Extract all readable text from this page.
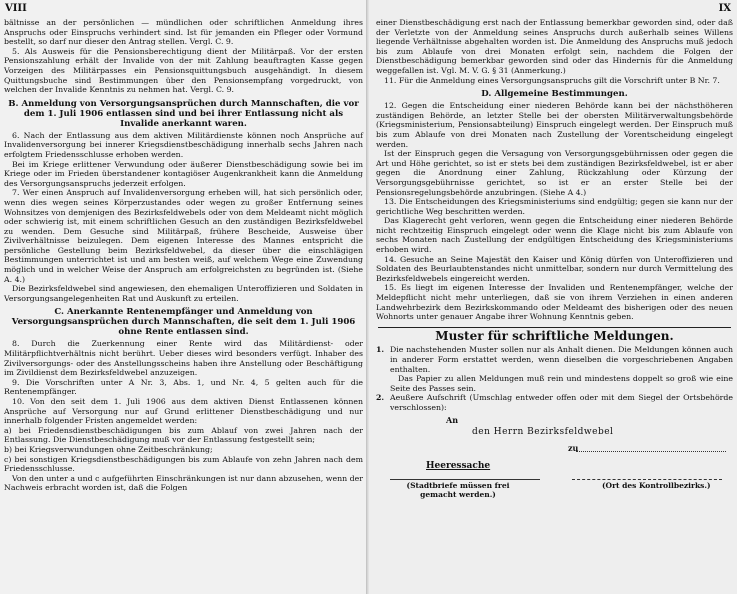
VIII

bältnisse an der persönlichen — mündlichen oder schriftlichen Anmeldung ihres Anspruchs oder Einspruchs verhindert sind. Ist für jemanden ein Pfleger oder Vormund bestellt, so darf nur dieser den Antrag stellen. Vergl. C. 9.

5. Als Ausweis für die Pensionsberechtigung dient der Militärpaß. Vor der ersten Pensionszahlung erhält der Invalide von der mit Zahlung beauftragten Kasse gegen Vorzeigen des Militärpasses ein Pensionsquittungsbuch ausgehändigt. In diesem Quittungsbuche sind Bestimmungen über den Pensionsempfang vorgedruckt, von welchen der Invalide Kenntnis zu nehmen hat. Vergl. C. 9.

B. Anmeldung von Versorgungsansprüchen durch Mannschaften, die vor dem 1. Juli 1906 entlassen sind und bei ihrer Entlassung nicht als Invalide anerkannt waren.

6. Nach der Entlassung aus dem aktiven Militärdienste können noch Ansprüche auf Invalidenversorgung bei innerer Kriegsdienstbeschädigung innerhalb sechs Jahren nach erfolgtem Friedensschlusse erhoben werden.

Bei im Kriege erlittener Verwundung oder äußerer Dienstbeschädigung sowie bei im Kriege oder im Frieden überstandener kontagiöser Augenkrankheit kann die Anmeldung des Versorgungsanspruchs jederzeit erfolgen.

7. Wer einen Anspruch auf Invalidenversorgung erheben will, hat sich persönlich oder, wenn dies wegen seines Körperzustandes oder wegen zu großer Entfernung seines Wohnsitzes von demjenigen des Bezirksfeldwebels oder von dem Meldeamt nicht möglich oder schwierig ist, mit einem schriftlichen Gesuch an den zuständigen Bezirksfeldwebel zu wenden. Dem Gesuche sind Militärpaß, frühere Bescheide, Ausweise über Zivilverhältnisse beizulegen. Dem eigenen Interesse des Mannes entspricht die persönliche Gestellung beim Bezirksfeldwebel, da dieser über die einschlägigen Bestimmungen unterrichtet ist und am besten weiß, auf welchem Wege eine Zuwendung möglich und in welcher Weise der Anspruch am erfolgreichsten zu begründen ist. (Siehe A. 4.)

Die Bezirksfeldwebel sind angewiesen, den ehemaligen Unteroffizieren und Soldaten in Versorgungsangelegenheiten Rat und Auskunft zu erteilen.

C. Anerkannte Rentenempfänger und Anmeldung von Versorgungsansprüchen durch Mannschaften, die seit dem 1. Juli 1906 ohne Rente entlassen sind.

8. Durch die Zuerkennung einer Rente wird das Militärdienst- oder Militärpflichtverhältnis nicht berührt. Ueber dieses wird besonders verfügt. Inhaber des Zivilversorgungs- oder des Anstellungsscheins haben ihre Anstellung oder Beschäftigung im Zivildienst dem Bezirksfeldwebel anzuzeigen.

9. Die Vorschriften unter A Nr. 3, Abs. 1, und Nr. 4, 5 gelten auch für die Rentenempfänger.

10. Von den seit dem 1. Juli 1906 aus dem aktiven Dienst Entlassenen können Ansprüche auf Versorgung nur auf Grund erlittener Dienstbeschädigung und nur innerhalb folgender Fristen angemeldet werden:

a) bei Friedensdienstbeschädigungen bis zum Ablauf von zwei Jahren nach der Entlassung. Die Dienstbeschädigung muß vor der Entlassung festgestellt sein;

b) bei Kriegsverwundungen ohne Zeitbeschränkung;

c) bei sonstigen Kriegsdienstbeschädigungen bis zum Ablaufe von zehn Jahren nach dem Friedensschlusse.

Von den unter a und c aufgeführten Einschränkungen ist nur dann abzusehen, wenn der Nachweis erbracht worden ist, daß die Folgen

IX

einer Dienstbeschädigung erst nach der Entlassung bemerkbar geworden sind, oder daß der Verletzte von der Anmeldung seines Anspruchs durch außerhalb seines Willens liegende Verhältnisse abgehalten worden ist. Die Anmeldung des Anspruchs muß jedoch bis zum Ablaufe von drei Monaten erfolgt sein, nachdem die Folgen der Dienstbeschädigung bemerkbar geworden sind oder das Hindernis für die Anmeldung weggefallen ist. Vgl. M. V. G. § 31 (Anmerkung.)

11. Für die Anmeldung eines Versorgungsanspruchs gilt die Vorschrift unter B Nr. 7.

D. Allgemeine Bestimmungen.

12. Gegen die Entscheidung einer niederen Behörde kann bei der nächsthöheren zuständigen Behörde, an letzter Stelle bei der obersten Militärverwaltungsbehörde (Kriegsministerium, Pensionsabteilung) Einspruch eingelegt werden. Der Einspruch muß bis zum Ablaufe von drei Monaten nach Zustellung der Vorentscheidung eingelegt werden.

Ist der Einspruch gegen die Versagung von Versorgungsgebührnissen oder gegen die Art und Höhe gerichtet, so ist er stets bei dem zuständigen Bezirksfeldwebel, ist er aber gegen die Anordnung einer Zahlung, Rückzahlung oder Kürzung der Versorgungsgebührnisse gerichtet, so ist er an erster Stelle bei der Pensionsregelungsbehörde anzubringen. (Siehe A 4.)

13. Die Entscheidungen des Kriegsministeriums sind endgültig; gegen sie kann nur der gerichtliche Weg beschritten werden.

Das Klagerecht geht verloren, wenn gegen die Entscheidung einer niederen Behörde nicht rechtzeitig Einspruch eingelegt oder wenn die Klage nicht bis zum Ablaufe von sechs Monaten nach Zustellung der endgültigen Entscheidung des Kriegsministeriums erhoben wird.

14. Gesuche an Seine Majestät den Kaiser und König dürfen von Unteroffizieren und Soldaten des Beurlaubtenstandes nicht unmittelbar, sondern nur durch Vermittelung des Bezirksfeldwebels eingereicht werden.

15. Es liegt im eigenen Interesse der Invaliden und Rentenempfänger, welche der Meldepflicht nicht mehr unterliegen, daß sie von ihrem Verziehen in einen anderen Landwehrbezirk dem Bezirkskommando oder Meldeamt des bisherigen oder des neuen Wohnorts unter genauer Angabe ihrer Wohnung Kenntnis geben.

Muster für schriftliche Meldungen.
1. Die nachstehenden Muster sollen nur als Anhalt dienen. Die Meldungen können auch in anderer Form erstattet werden, wenn dieselben die vorgeschriebenen Angaben enthalten.

Das Papier zu allen Meldungen muß rein und mindestens doppelt so groß wie eine Seite des Passes sein.

2. Aeußere Aufschrift (Umschlag entweder offen oder mit dem Siegel der Ortsbehörde verschlossen):

An
den Herrn Bezirksfeldwebel
zu
Heeressache
(Stadtbriefe müssen frei gemacht werden.)
(Ort des Kontrollbezirks.)
